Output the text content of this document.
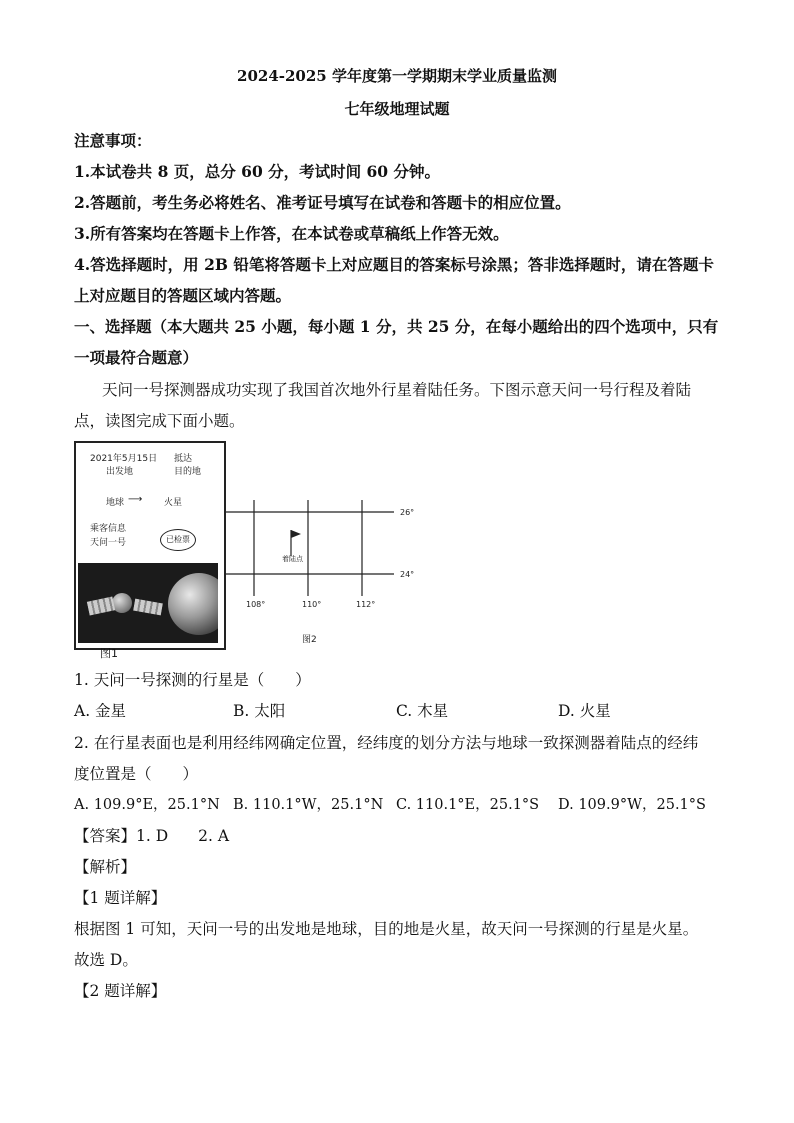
2024-2025 学年度第一学期期末学业质量监测
七年级地理试题
注意事项：
1.本试卷共 8 页，总分 60 分，考试时间 60 分钟。
2.答题前，考生务必将姓名、准考证号填写在试卷和答题卡的相应位置。
3.所有答案均在答题卡上作答，在本试卷或草稿纸上作答无效。
4.答选择题时，用 2B 铅笔将答题卡上对应题目的答案标号涂黑；答非选择题时，请在答题卡
上对应题目的答题区域内答题。
一、选择题（本大题共 25 小题，每小题 1 分，共 25 分，在每小题给出的四个选项中，只有
一项最符合题意）
天问一号探测器成功实现了我国首次地外行星着陆任务。下图示意天问一号行程及着陆
点，读图完成下面小题。
2021年5月15日 抵达
出发地	目的地
地球 ⟶ 火星
乘客信息
天问一号	已检票
图1
26°
24°
108°	110°	112°
着陆点
图2
1. 天问一号探测的行星是（　　）
A. 金星	B. 太阳	C. 木星	D. 火星
2. 在行星表面也是利用经纬网确定位置，经纬度的划分方法与地球一致探测器着陆点的经纬
度位置是（　　）
A. 109.9°E，25.1°N B. 110.1°W，25.1°N C. 110.1°E，25.1°S D. 109.9°W，25.1°S
【答案】1. D 2. A
【解析】
【1 题详解】
根据图 1 可知，天问一号的出发地是地球，目的地是火星，故天问一号探测的行星是火星。
故选 D。
【2 题详解】
